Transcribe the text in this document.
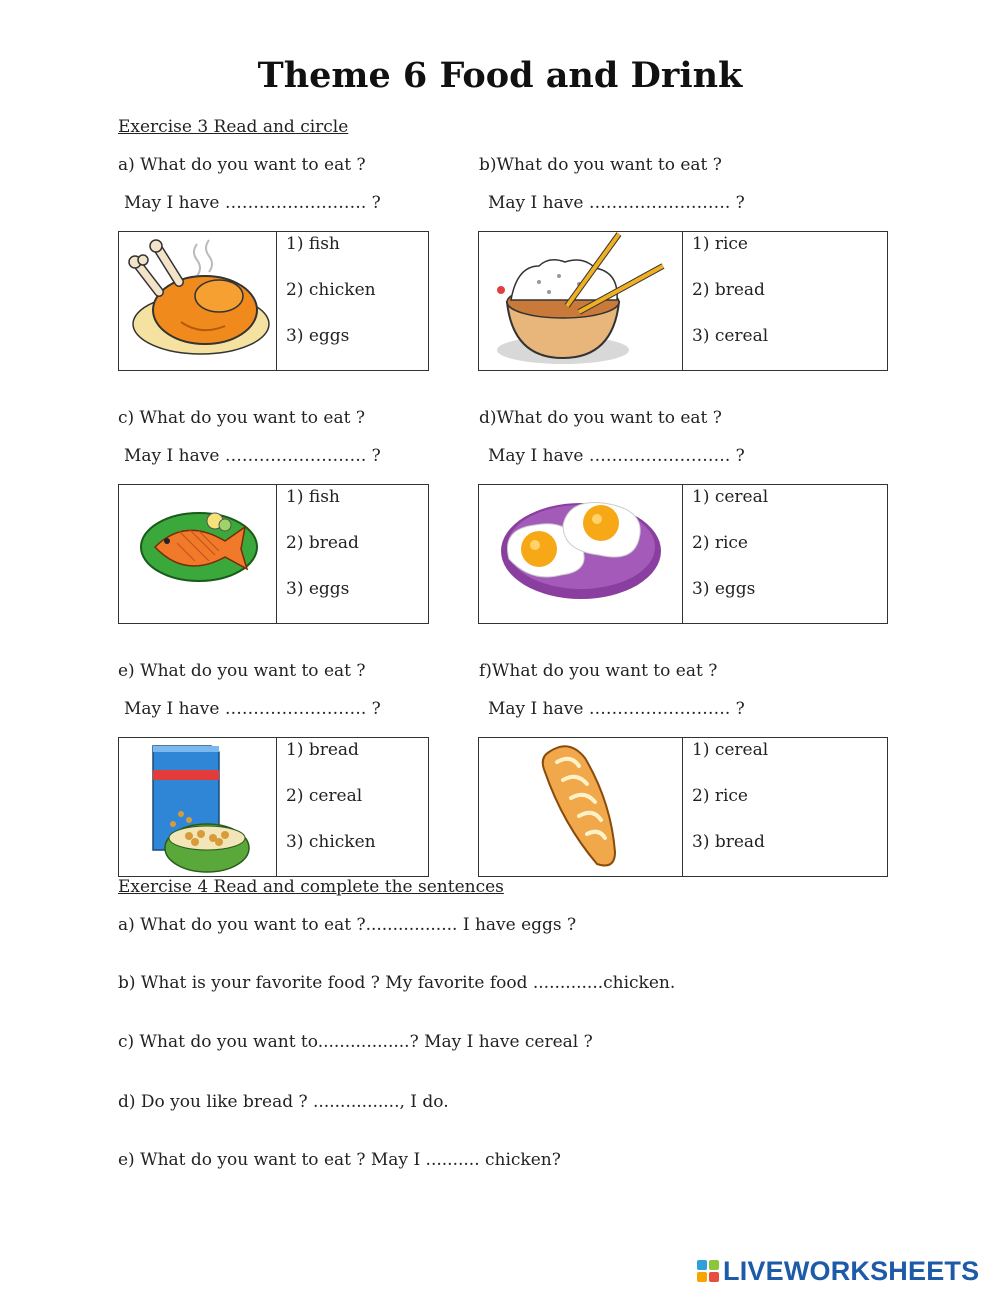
Theme 6 Food and Drink
Exercise 3 Read and circle
a) What do you want to eat ?
May I have ……………………. ?
b)What do you want to eat ?
May I have ……………………. ?
1) fish
2) chicken
3) eggs
1) rice
2) bread
3) cereal
c) What do you want to eat ?
May I have ……………………. ?
d)What do you want to eat ?
May I have ……………………. ?
1) fish
2) bread
3) eggs
1) cereal
2) rice
3) eggs
e) What do you want to eat ?
May I have ……………………. ?
f)What do you want to eat ?
May I have ……………………. ?
1) bread
2) cereal
3) chicken
1) cereal
2) rice
3) bread
Exercise 4 Read and complete the sentences
a) What do you want to eat ?................. I have eggs ?
b) What is your favorite food ? My favorite food .............chicken.
c) What do you want to.................? May I have cereal ?
d) Do you like bread ? ................, I do.
e) What do you want to eat ? May I .......... chicken?
LIVEWORKSHEETS
